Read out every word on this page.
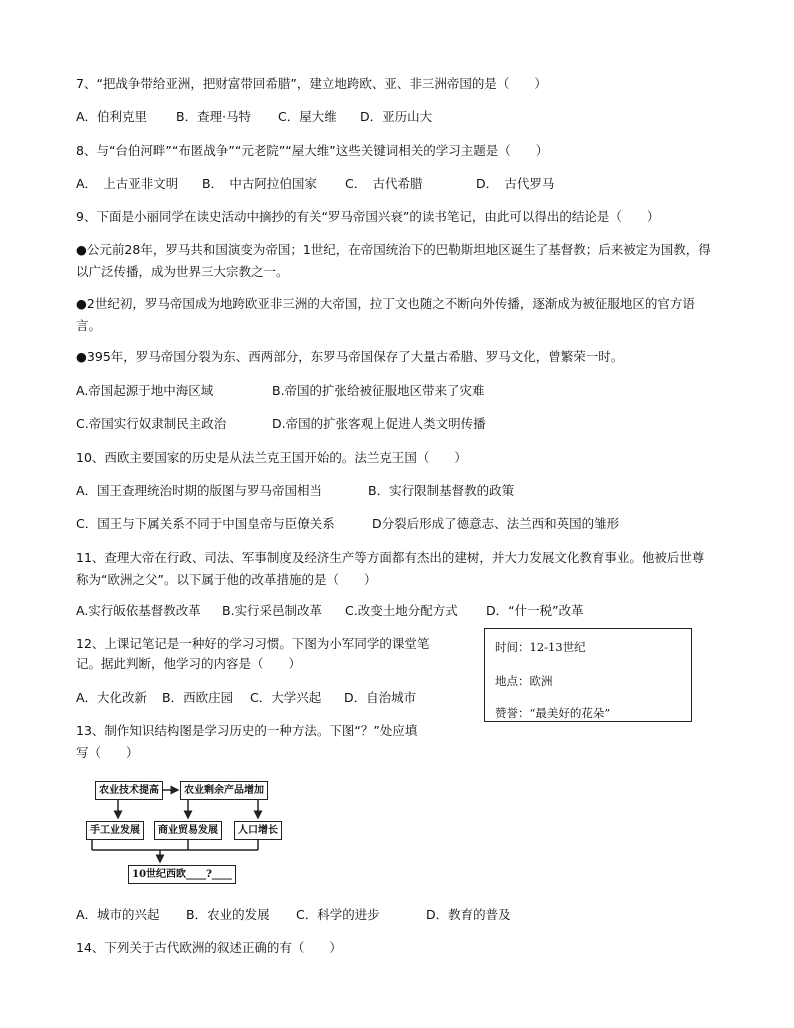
7、“把战争带给亚洲，把财富带回希腊”，建立地跨欧、亚、非三洲帝国的是（　　）
A．伯利克里 B．查理·马特 C．屋大维 D．亚历山大
8、与“台伯河畔”“布匿战争”“元老院”“屋大维”这些关键词相关的学习主题是（　　）
A．　上古亚非文明 B．　中古阿拉伯国家 C．　古代希腊	D．　古代罗马
9、下面是小丽同学在读史活动中摘抄的有关“罗马帝国兴衰”的读书笔记，由此可以得出的结论是（　　）
●公元前28年，罗马共和国演变为帝国；1世纪，在帝国统治下的巴勒斯坦地区诞生了基督教；后来被定为国教，得以广泛传播，成为世界三大宗教之一。
●2世纪初，罗马帝国成为地跨欧亚非三洲的大帝国，拉丁文也随之不断向外传播，逐渐成为被征服地区的官方语言。
●395年，罗马帝国分裂为东、西两部分，东罗马帝国保存了大量古希腊、罗马文化，曾繁荣一时。
A.帝国起源于地中海区域	B.帝国的扩张给被征服地区带来了灾难
C.帝国实行奴隶制民主政治	D.帝国的扩张客观上促进人类文明传播
10、西欧主要国家的历史是从法兰克王国开始的。法兰克王国（　　）
A．国王查理统治时期的版图与罗马帝国相当	B．实行限制基督教的政策
C．国王与下属关系不同于中国皇帝与臣僚关系	D分裂后形成了德意志、法兰西和英国的雏形
11、查理大帝在行政、司法、军事制度及经济生产等方面都有杰出的建树，并大力发展文化教育事业。他被后世尊称为“欧洲之父”。以下属于他的改革措施的是（　　）
A.实行皈依基督教改革 B.实行采邑制改革 C.改变土地分配方式 D．“什一税”改革
12、上课记笔记是一种好的学习习惯。下图为小军同学的课堂笔
记。据此判断，他学习的内容是（　　）
A．大化改新 B．西欧庄园 C．大学兴起 D．自治城市
时间：12-13世纪
地点：欧洲
赞誉：“最美好的花朵”
13、制作知识结构图是学习历史的一种方法。下图“？”处应填
写（　　）
农业技术提高	农业剩余产品增加
手工业发展	商业贸易发展	人口增长
10世纪西欧____?____
A．城市的兴起 B．农业的发展 C．科学的进步	D．教育的普及
14、下列关于古代欧洲的叙述正确的有（　　）
